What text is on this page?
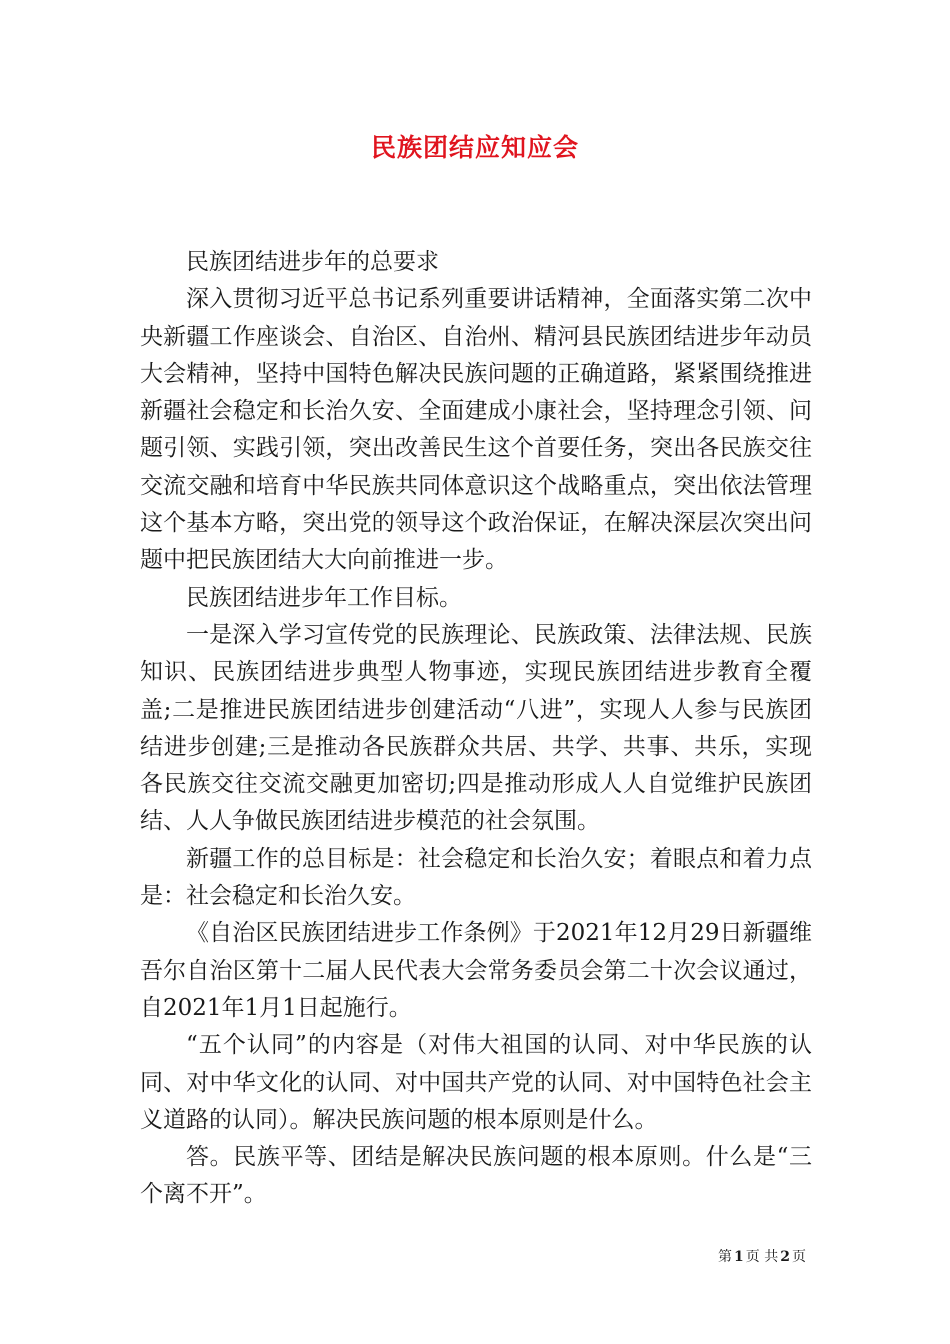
民族团结应知应会

民族团结进步年的总要求

深入贯彻习近平总书记系列重要讲话精神，全面落实第二次中央新疆工作座谈会、自治区、自治州、精河县民族团结进步年动员大会精神，坚持中国特色解决民族问题的正确道路，紧紧围绕推进新疆社会稳定和长治久安、全面建成小康社会，坚持理念引领、问题引领、实践引领，突出改善民生这个首要任务，突出各民族交往交流交融和培育中华民族共同体意识这个战略重点，突出依法管理这个基本方略，突出党的领导这个政治保证，在解决深层次突出问题中把民族团结大大向前推进一步。

民族团结进步年工作目标。

一是深入学习宣传党的民族理论、民族政策、法律法规、民族知识、民族团结进步典型人物事迹，实现民族团结进步教育全覆盖;二是推进民族团结进步创建活动“八进”，实现人人参与民族团结进步创建;三是推动各民族群众共居、共学、共事、共乐，实现各民族交往交流交融更加密切;四是推动形成人人自觉维护民族团结、人人争做民族团结进步模范的社会氛围。

新疆工作的总目标是：社会稳定和长治久安；着眼点和着力点是：社会稳定和长治久安。

《自治区民族团结进步工作条例》于2021年12月29日新疆维吾尔自治区第十二届人民代表大会常务委员会第二十次会议通过，自2021年1月1日起施行。

“五个认同”的内容是（对伟大祖国的认同、对中华民族的认同、对中华文化的认同、对中国共产党的认同、对中国特色社会主义道路的认同）。解决民族问题的根本原则是什么。

答。民族平等、团结是解决民族问题的根本原则。什么是“三个离不开”。

第 1 页 共 2 页
